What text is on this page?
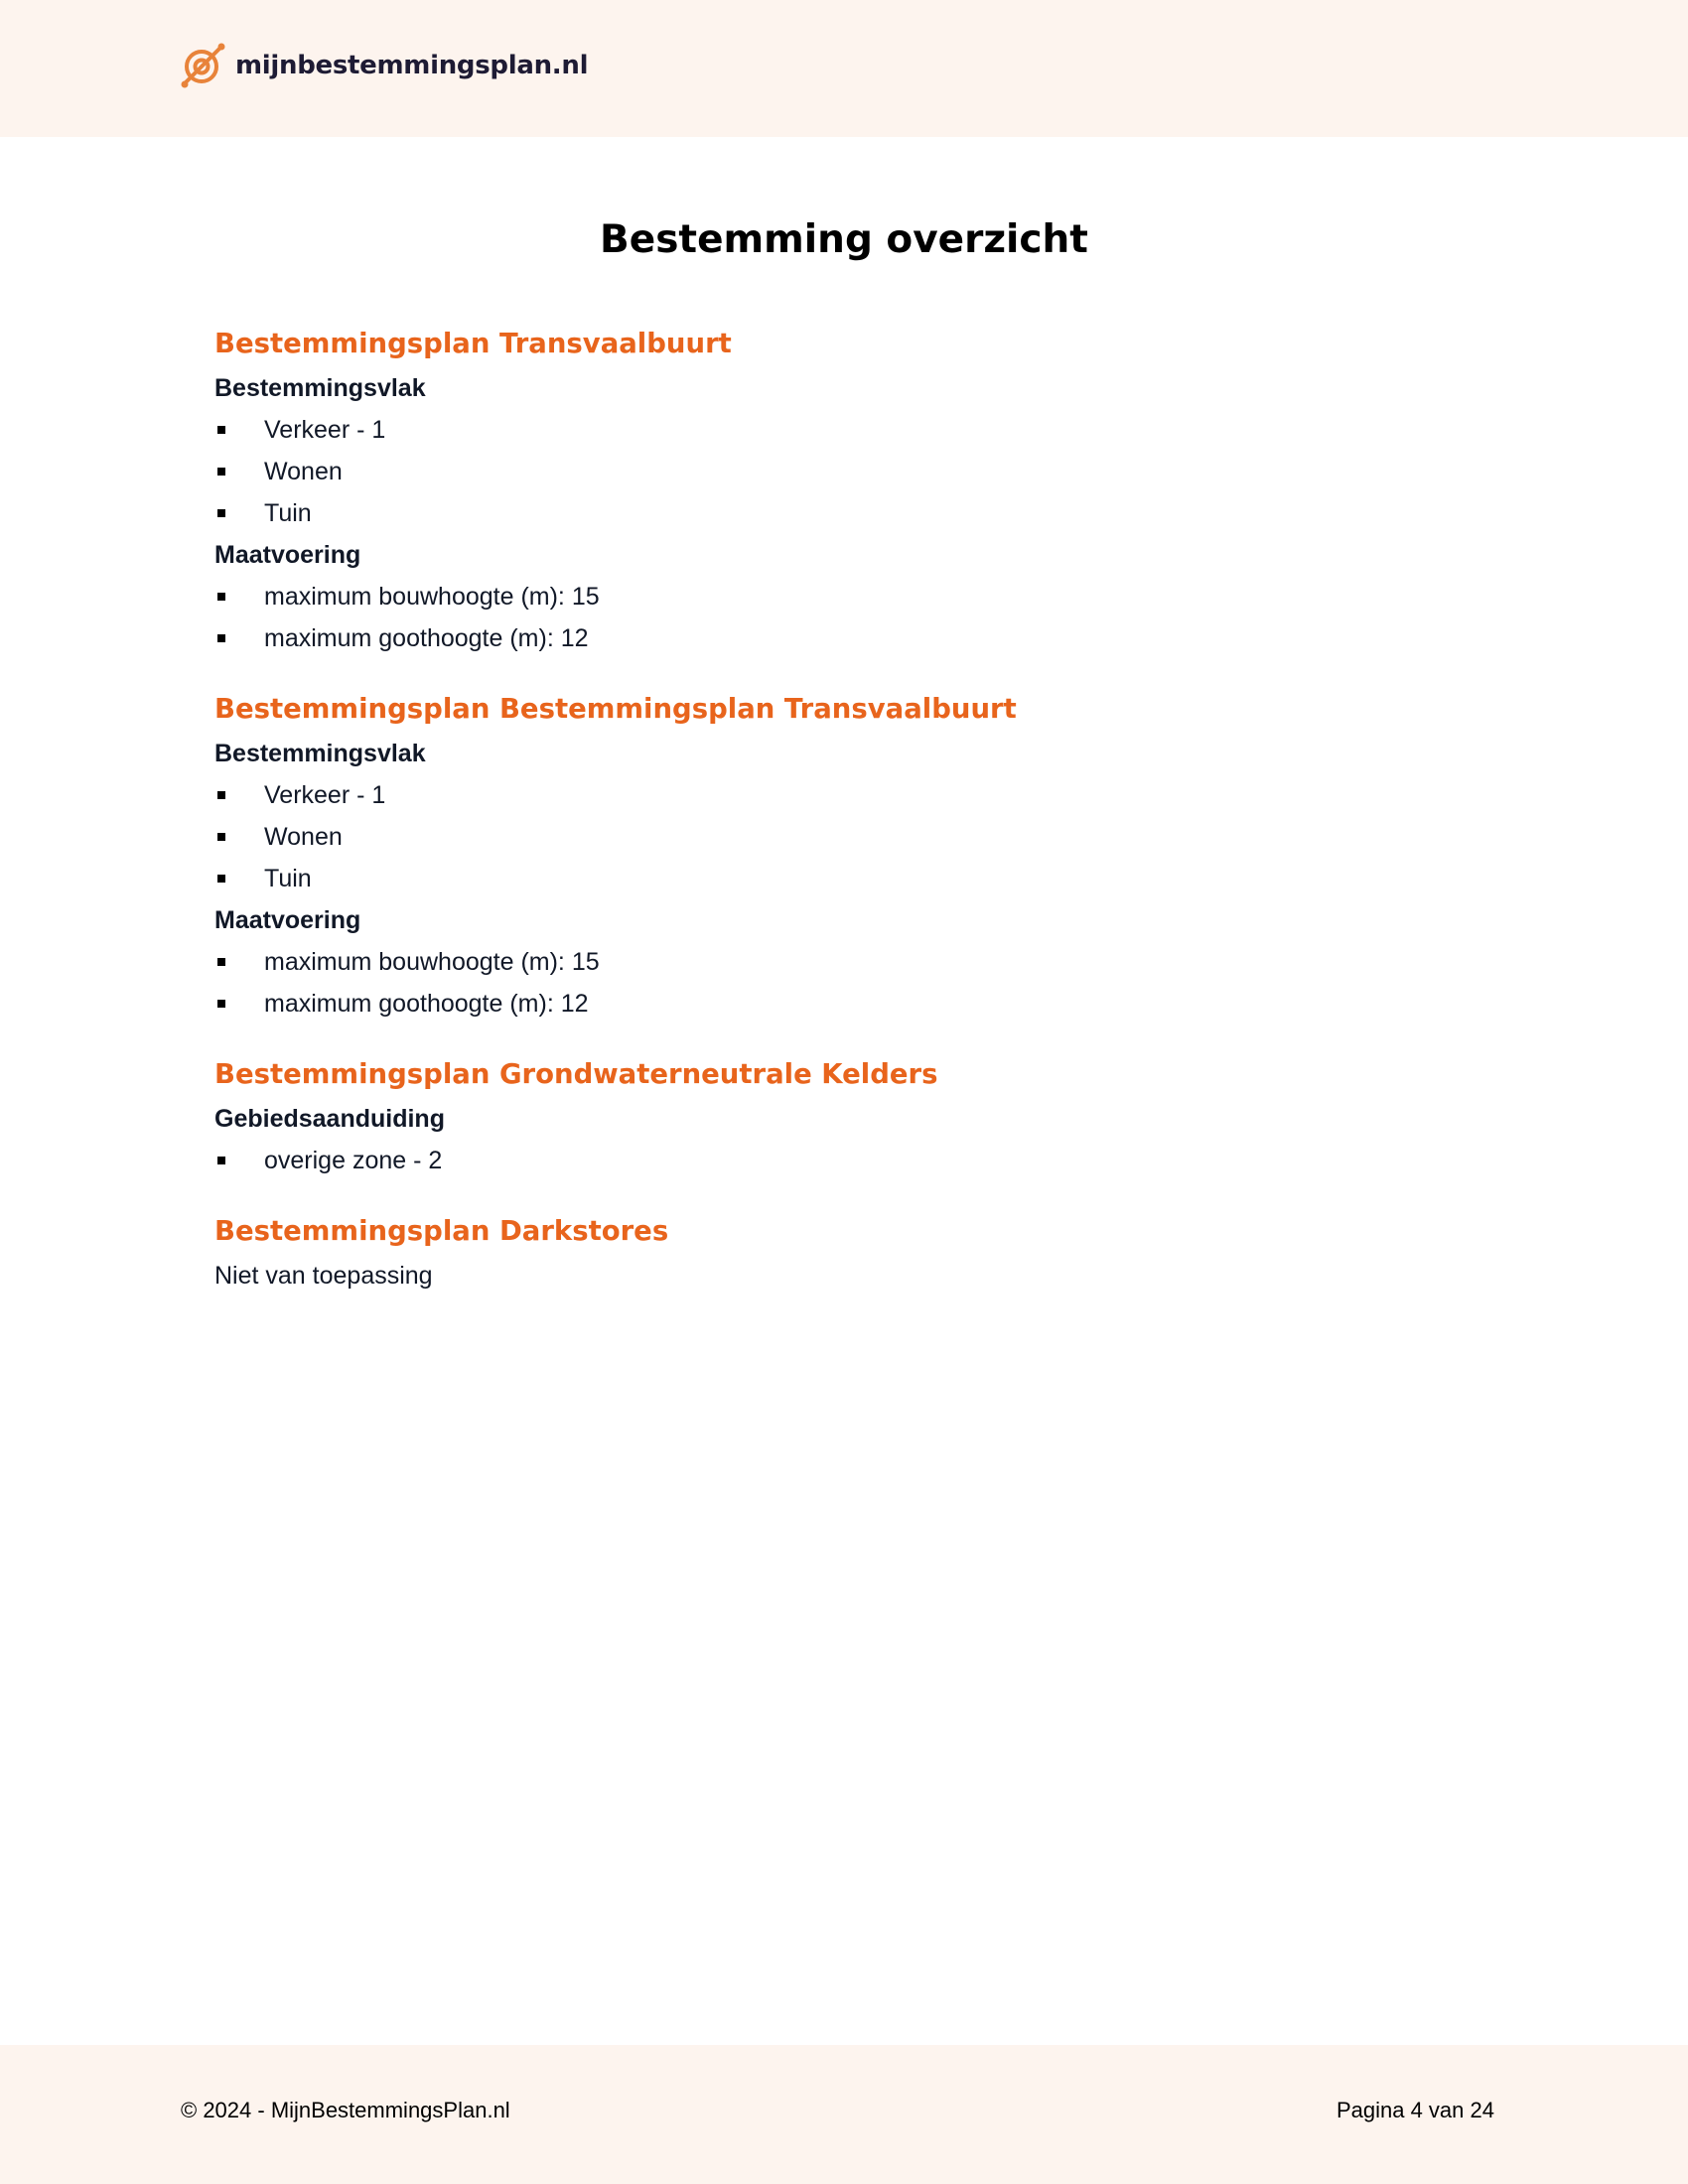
mijnbestemmingsplan.nl
Bestemming overzicht
Bestemmingsplan Transvaalbuurt
Bestemmingsvlak
Verkeer - 1
Wonen
Tuin
Maatvoering
maximum bouwhoogte (m): 15
maximum goothoogte (m): 12
Bestemmingsplan Bestemmingsplan Transvaalbuurt
Bestemmingsvlak
Verkeer - 1
Wonen
Tuin
Maatvoering
maximum bouwhoogte (m): 15
maximum goothoogte (m): 12
Bestemmingsplan Grondwaterneutrale Kelders
Gebiedsaanduiding
overige zone - 2
Bestemmingsplan Darkstores

Niet van toepassing

© 2024 - MijnBestemmingsPlan.nl	Pagina 4 van 24
